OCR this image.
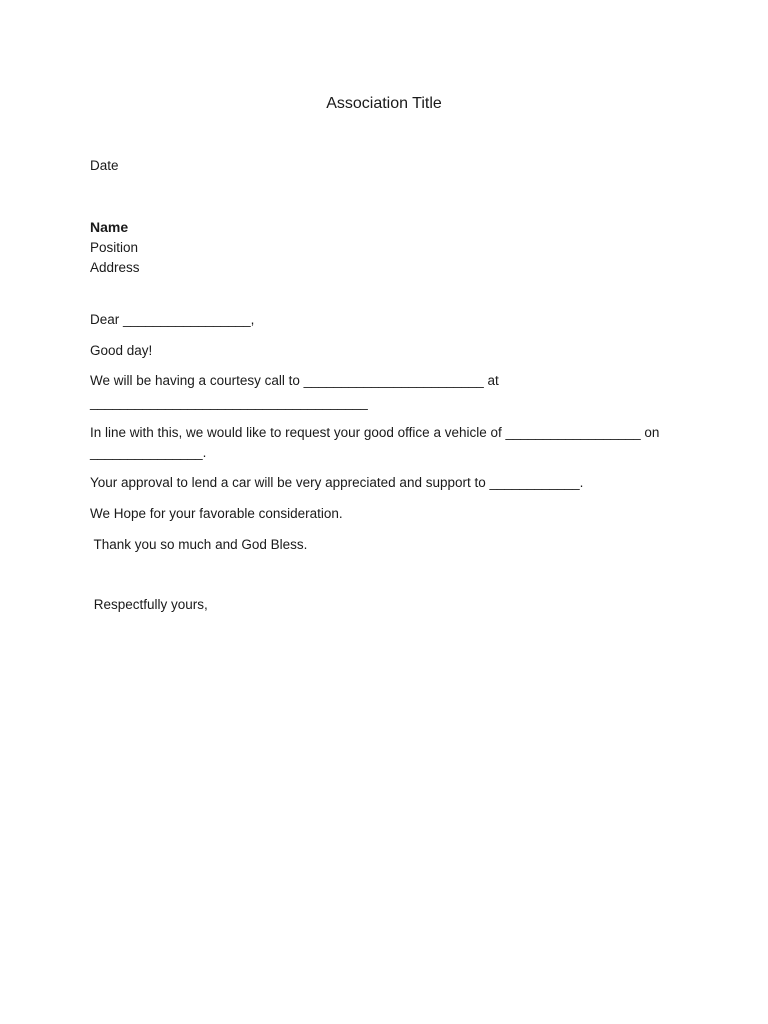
Association Title
Date
Name
Position
Address
Dear _________________,
Good day!
We will be having a courtesy call to ________________________ at
_____________________________________
In line with this, we would like to request your good office a vehicle of __________________ on
_______________.
Your approval to lend a car will be very appreciated and support to ____________.
We Hope for your favorable consideration.
Thank you so much and God Bless.
Respectfully yours,
